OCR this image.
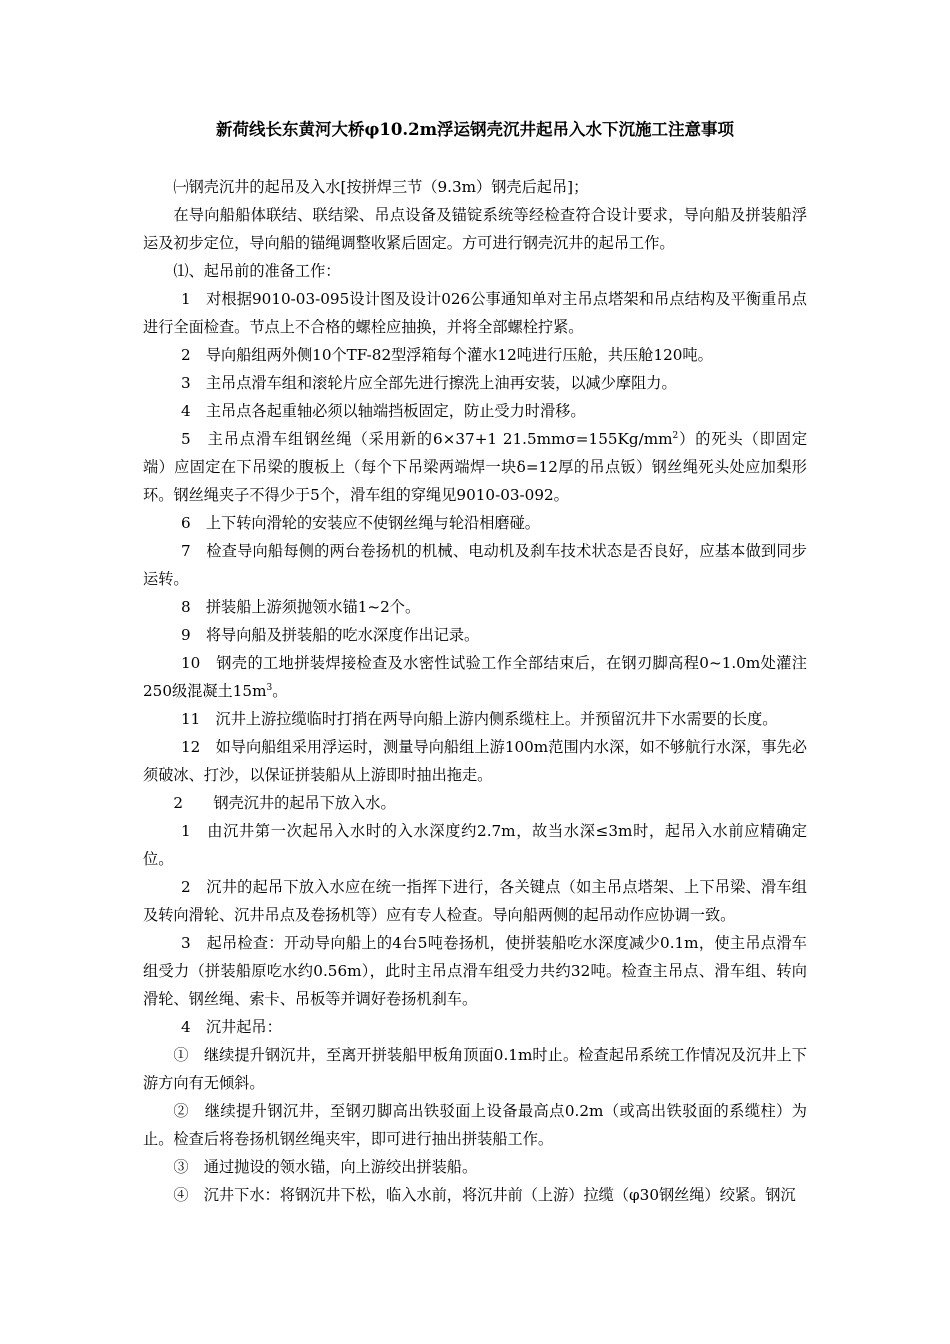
新荷线长东黄河大桥φ10.2m浮运钢壳沉井起吊入水下沉施工注意事项

㈠钢壳沉井的起吊及入水[按拼焊三节（9.3m）钢壳后起吊]；

在导向船船体联结、联结梁、吊点设备及锚锭系统等经检查符合设计要求，导向船及拼装船浮运及初步定位，导向船的锚绳调整收紧后固定。方可进行钢壳沉井的起吊工作。

⑴、起吊前的准备工作：

1　对根据9010-03-095设计图及设计026公事通知单对主吊点塔架和吊点结构及平衡重吊点进行全面检查。节点上不合格的螺栓应抽换，并将全部螺栓拧紧。

2　导向船组两外侧10个TF-82型浮箱每个灌水12吨进行压舱，共压舱120吨。

3　主吊点滑车组和滚轮片应全部先进行擦洗上油再安装，以减少摩阻力。

4　主吊点各起重轴必须以轴端挡板固定，防止受力时滑移。

5　主吊点滑车组钢丝绳（采用新的6×37+1 $21.5mm\sigma=155Kg/mm^2$）的死头（即固定端）应固定在下吊梁的腹板上（每个下吊梁两端焊一块δ=12厚的吊点钣）钢丝绳死头处应加梨形环。钢丝绳夹子不得少于5个，滑车组的穿绳见9010-03-092。

6　上下转向滑轮的安装应不使钢丝绳与轮沿相磨碰。

7　检查导向船每侧的两台卷扬机的机械、电动机及刹车技术状态是否良好，应基本做到同步运转。

8　拼装船上游须抛领水锚1~2个。

9　将导向船及拼装船的吃水深度作出记录。

10　钢壳的工地拼装焊接检查及水密性试验工作全部结束后，在钢刃脚高程0~1.0m处灌注250级混凝土$15m^3$。

11　沉井上游拉缆临时打捎在两导向船上游内侧系缆柱上。并预留沉井下水需要的长度。

12　如导向船组采用浮运时，测量导向船组上游100m范围内水深，如不够航行水深，事先必须破冰、打沙，以保证拼装船从上游即时抽出拖走。

2　　钢壳沉井的起吊下放入水。

1　由沉井第一次起吊入水时的入水深度约2.7m，故当水深≤3m时，起吊入水前应精确定位。

2　沉井的起吊下放入水应在统一指挥下进行，各关键点（如主吊点塔架、上下吊梁、滑车组及转向滑轮、沉井吊点及卷扬机等）应有专人检查。导向船两侧的起吊动作应协调一致。

3　起吊检查：开动导向船上的4台5吨卷扬机，使拼装船吃水深度减少0.1m，使主吊点滑车组受力（拼装船原吃水约0.56m），此时主吊点滑车组受力共约32吨。检查主吊点、滑车组、转向滑轮、钢丝绳、索卡、吊板等并调好卷扬机刹车。

4　沉井起吊：

①　继续提升钢沉井，至离开拼装船甲板角顶面0.1m时止。检查起吊系统工作情况及沉井上下游方向有无倾斜。

②　继续提升钢沉井，至钢刃脚高出铁驳面上设备最高点0.2m（或高出铁驳面的系缆柱）为止。检查后将卷扬机钢丝绳夹牢，即可进行抽出拼装船工作。

③　通过抛设的领水锚，向上游绞出拼装船。

④　沉井下水：将钢沉井下松，临入水前，将沉井前（上游）拉缆（φ30钢丝绳）绞紧。钢沉
